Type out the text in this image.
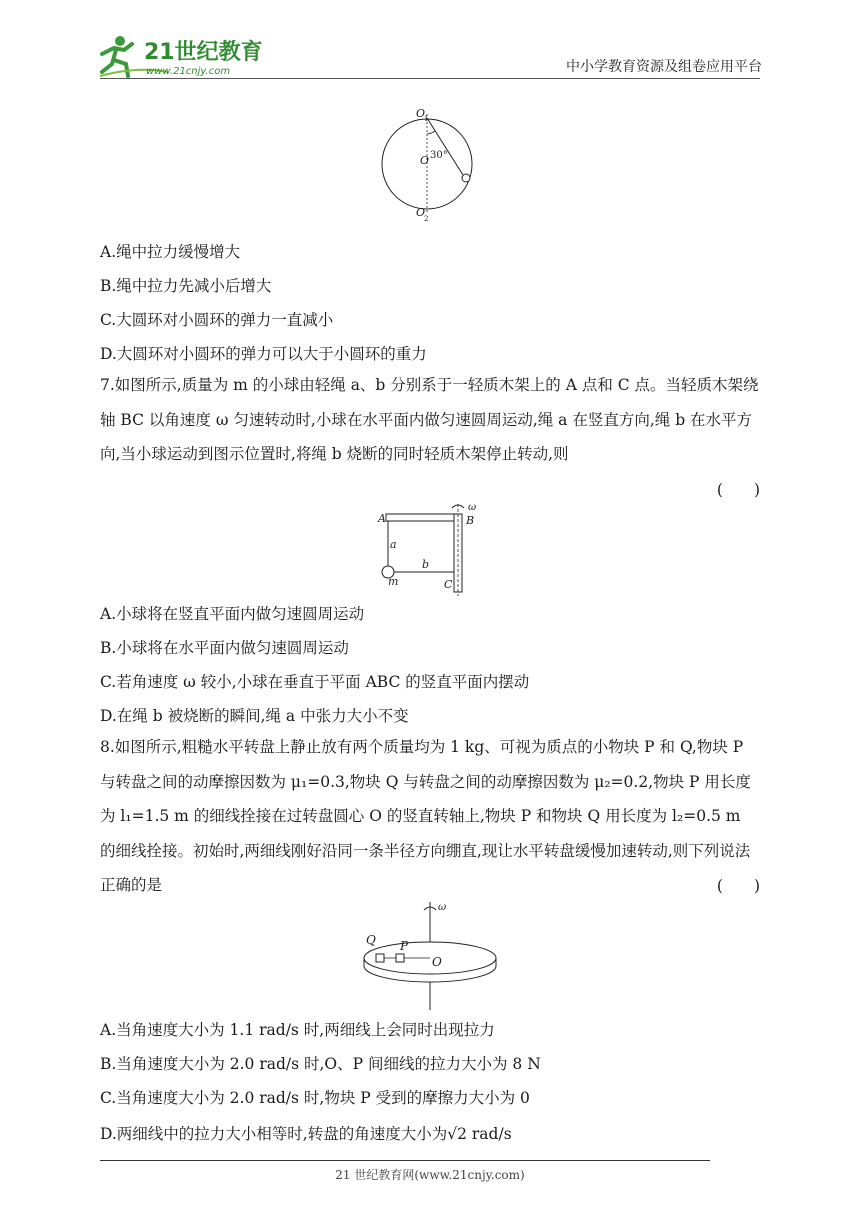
21世纪教育
www.21cnjy.com	中小学教育资源及组卷应用平台
O
1
O 30°
O
2
A.绳中拉力缓慢增大
B.绳中拉力先减小后增大
C.大圆环对小圆环的弹力一直减小
D.大圆环对小圆环的弹力可以大于小圆环的重力
7.如图所示,质量为 m 的小球由轻绳 a、b 分别系于一轻质木架上的 A 点和 C 点。当轻质木架绕轴 BC 以角速度 ω 匀速转动时,小球在水平面内做匀速圆周运动,绳 a 在竖直方向,绳 b 在水平方向,当小球运动到图示位置时,将绳 b 烧断的同时轻质木架停止转动,则
(　　)
A	B
C
a
b
m
ω
A.小球将在竖直平面内做匀速圆周运动
B.小球将在水平面内做匀速圆周运动
C.若角速度 ω 较小,小球在垂直于平面 ABC 的竖直平面内摆动
D.在绳 b 被烧断的瞬间,绳 a 中张力大小不变
8.如图所示,粗糙水平转盘上静止放有两个质量均为 1 kg、可视为质点的小物块 P 和 Q,物块 P 与转盘之间的动摩擦因数为 μ₁=0.3,物块 Q 与转盘之间的动摩擦因数为 μ₂=0.2,物块 P 用长度为 l₁=1.5 m 的细线拴接在过转盘圆心 O 的竖直转轴上,物块 P 和物块 Q 用长度为 l₂=0.5 m 的细线拴接。初始时,两细线刚好沿同一条半径方向绷直,现让水平转盘缓慢加速转动,则下列说法正确的是	(　　)
Q P
O
ω
A.当角速度大小为 1.1 rad/s 时,两细线上会同时出现拉力
B.当角速度大小为 2.0 rad/s 时,O、P 间细线的拉力大小为 8 N
C.当角速度大小为 2.0 rad/s 时,物块 P 受到的摩擦力大小为 0
D.两细线中的拉力大小相等时,转盘的角速度大小为√2 rad/s
21 世纪教育网(www.21cnjy.com)
